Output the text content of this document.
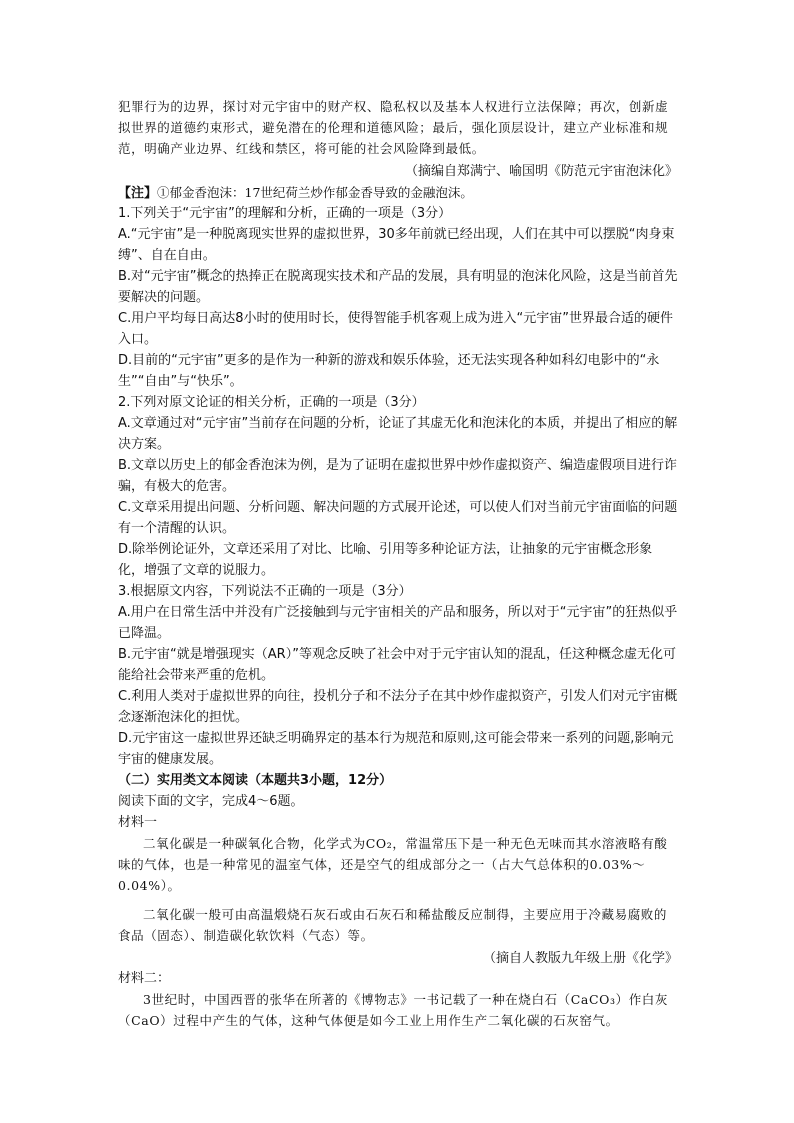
犯罪行为的边界，探讨对元宇宙中的财产权、隐私权以及基本人权进行立法保障；再次，创新虚拟世界的道德约束形式，避免潜在的伦理和道德风险；最后，强化顶层设计，建立产业标准和规范，明确产业边界、红线和禁区，将可能的社会风险降到最低。

（摘编自郑满宁、喻国明《防范元宇宙泡沫化》

【注】①郁金香泡沫：17世纪荷兰炒作郁金香导致的金融泡沫。

1.下列关于“元宇宙”的理解和分析，正确的一项是（3分）

A.“元宇宙”是一种脱离现实世界的虚拟世界，30多年前就已经出现，人们在其中可以摆脱“肉身束缚”、自在自由。

B.对“元宇宙”概念的热捧正在脱离现实技术和产品的发展，具有明显的泡沫化风险，这是当前首先要解决的问题。

C.用户平均每日高达8小时的使用时长，使得智能手机客观上成为进入“元宇宙”世界最合适的硬件入口。

D.目前的“元宇宙”更多的是作为一种新的游戏和娱乐体验，还无法实现各种如科幻电影中的“永生”“自由”与“快乐”。

2.下列对原文论证的相关分析，正确的一项是（3分）

A.文章通过对“元宇宙”当前存在问题的分析，论证了其虚无化和泡沫化的本质，并提出了相应的解决方案。

B.文章以历史上的郁金香泡沫为例，是为了证明在虚拟世界中炒作虚拟资产、编造虚假项目进行诈骗，有极大的危害。

C.文章采用提出问题、分析问题、解决问题的方式展开论述，可以使人们对当前元宇宙面临的问题有一个清醒的认识。

D.除举例论证外，文章还采用了对比、比喻、引用等多种论证方法，让抽象的元宇宙概念形象化，增强了文章的说服力。

3.根据原文内容，下列说法不正确的一项是（3分）

A.用户在日常生活中并没有广泛接触到与元宇宙相关的产品和服务，所以对于“元宇宙”的狂热似乎已降温。

B.元宇宙“就是增强现实（AR）”等观念反映了社会中对于元宇宙认知的混乱，任这种概念虚无化可能给社会带来严重的危机。

C.利用人类对于虚拟世界的向往，投机分子和不法分子在其中炒作虚拟资产，引发人们对元宇宙概念逐渐泡沫化的担忧。

D.元宇宙这一虚拟世界还缺乏明确界定的基本行为规范和原则,这可能会带来一系列的问题,影响元宇宙的健康发展。

（二）实用类文本阅读（本题共3小题，12分）

阅读下面的文字，完成4～6题。

材料一

二氧化碳是一种碳氧化合物，化学式为CO₂，常温常压下是一种无色无味而其水溶液略有酸味的气体，也是一种常见的温室气体，还是空气的组成部分之一（占大气总体积的0.03%～0.04%）。

二氧化碳一般可由高温煅烧石灰石或由石灰石和稀盐酸反应制得，主要应用于冷藏易腐败的食品（固态）、制造碳化软饮料（气态）等。

（摘自人教版九年级上册《化学》

材料二：

3世纪时，中国西晋的张华在所著的《博物志》一书记载了一种在烧白石（CaCO₃）作白灰（CaO）过程中产生的气体，这种气体便是如今工业上用作生产二氧化碳的石灰窑气。
